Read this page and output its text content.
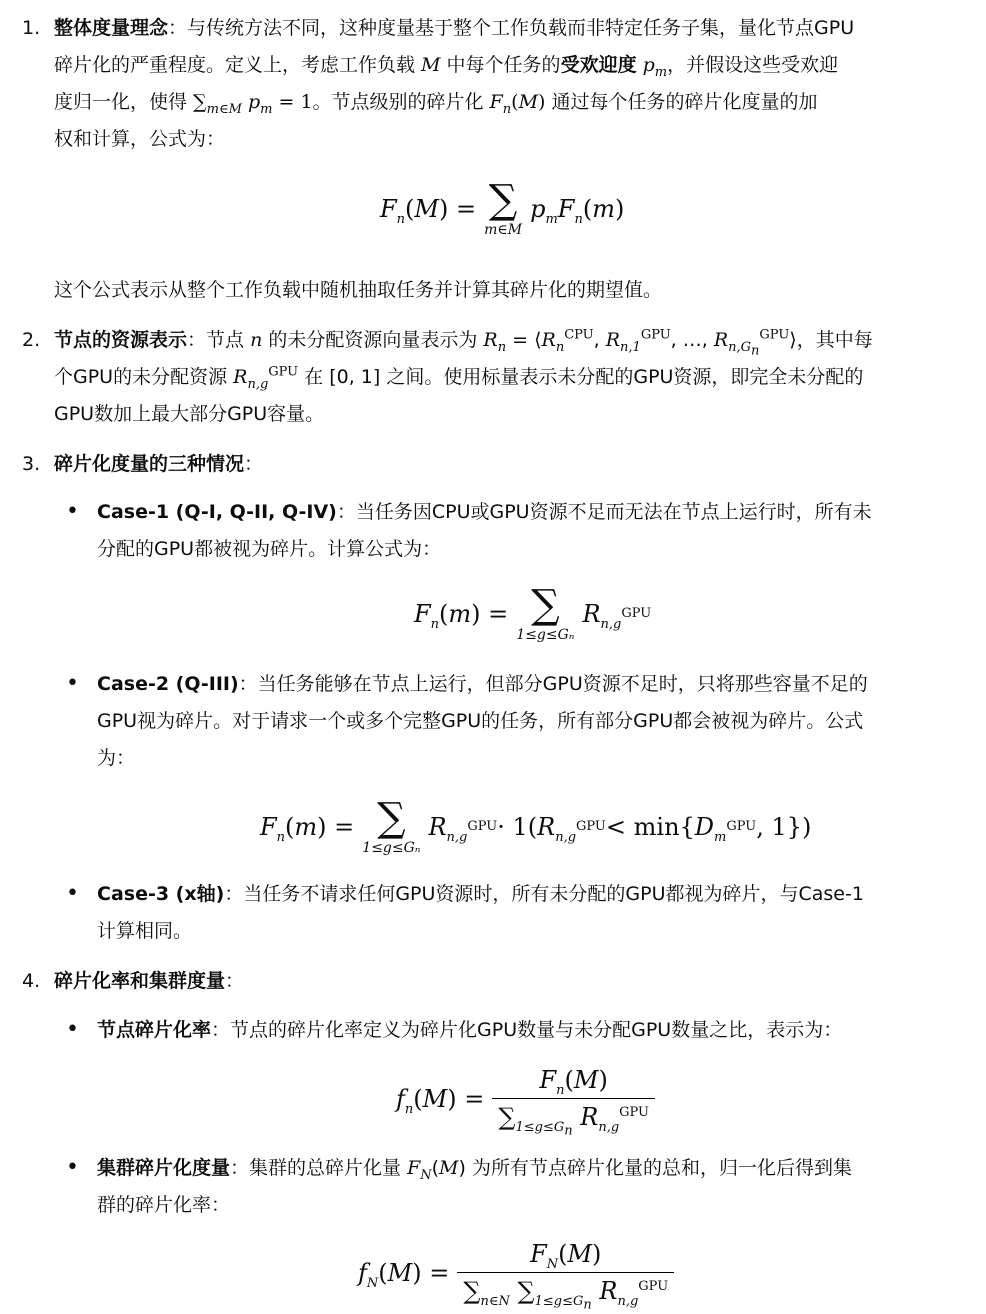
1. 整体度量理念：与传统方法不同，这种度量基于整个工作负载而非特定任务子集，量化节点GPU
碎片化的严重程度。定义上，考虑工作负载 M 中每个任务的受欢迎度 $p_m$，并假设这些受欢迎
度归一化，使得 $\sum_{m\in M}$ $p_m = 1$。节点级别的碎片化 $F_n(M)$ 通过每个任务的碎片化度量的加
权和计算，公式为：
$F_n$ ( M ) = ∑
m∈M
$p_mF_n$ ( m )
这个公式表示从整个工作负载中随机抽取任务并计算其碎片化的期望值。
2. 节点的资源表示：节点 n 的未分配资源向量表示为 $R_n$ = $⟨R_n^{CPU}$, $R_{n,1}^{GPU}$, …, $R_{n,G_n}^{GPU}⟩$，其中每
个GPU的未分配资源 $R_{n,g}^{GPU}$ 在 [0, 1] 之间。使用标量表示未分配的GPU资源，即完全未分配的
GPU数加上最大部分GPU容量。
3. 碎片化度量的三种情况：
• Case-1 (Q-I, Q-II, Q-IV)：当任务因CPU或GPU资源不足而无法在节点上运行时，所有未
分配的GPU都被视为碎片。计算公式为：
$F_n$ ( m ) = ∑
1≤g≤Gₙ
$R_{n,g}$
GPU
• Case-2 (Q-III)：当任务能够在节点上运行，但部分GPU资源不足时，只将那些容量不足的
GPU视为碎片。对于请求一个或多个完整GPU的任务，所有部分GPU都会被视为碎片。公式
为：
$F_n$ ( m ) = ∑
1≤g≤Gₙ
$R_{n,g}$
GPU · 1( $R_{n,g}$
GPU < min{ $D_m$
GPU , 1})
• Case-3 (x轴)：当任务不请求任何GPU资源时，所有未分配的GPU都视为碎片，与Case-1
计算相同。
4. 碎片化率和集群度量：
• 节点碎片化率：节点的碎片化率定义为碎片化GPU数量与未分配GPU数量之比，表示为：
$f_n$ ( M ) = $\frac{F_n(M)}{\sum_{1\le g\le G_n} R_{n,g}^{GPU}}$
• 集群碎片化度量：集群的总碎片化量 $F_N(M)$ 为所有节点碎片化量的总和，归一化后得到集
群的碎片化率：
$f_N$ ( M ) = $\frac{F_N(M)}{\sum_{n\in N} \sum_{1\le g\le G_n} R_{n,g}^{GPU}}$
